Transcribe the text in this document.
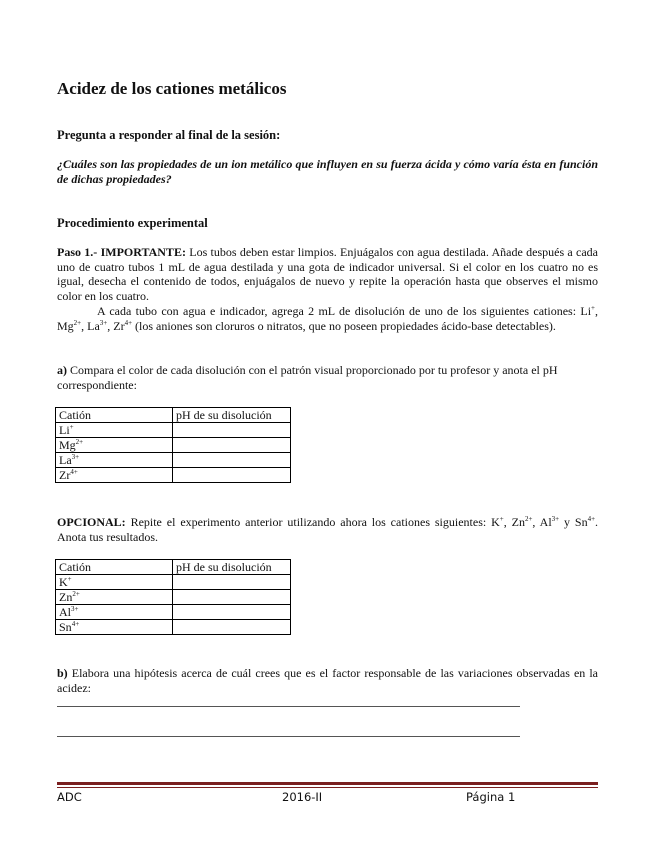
Acidez de los cationes metálicos
Pregunta a responder al final de la sesión:

¿Cuáles son las propiedades de un ion metálico que influyen en su fuerza ácida y cómo varía ésta en función de dichas propiedades?

Procedimiento experimental

Paso 1.- IMPORTANTE: Los tubos deben estar limpios. Enjuágalos con agua destilada. Añade después a cada uno de cuatro tubos 1 mL de agua destilada y una gota de indicador universal. Si el color en los cuatro no es igual, desecha el contenido de todos, enjuágalos de nuevo y repite la operación hasta que observes el mismo color en los cuatro.

A cada tubo con agua e indicador, agrega 2 mL de disolución de uno de los siguientes cationes: Li+, $Mg^{2+}$, $La^{3+}$, $Zr^{4+}$ (los aniones son cloruros o nitratos, que no poseen propiedades ácido-base detectables).

a) Compara el color de cada disolución con el patrón visual proporcionado por tu profesor y anota el pH correspondiente:

Catión	pH de su disolución
Li+	
$Mg^{2+}$	
$La^{3+}$	
$Zr^{4+}$	

OPCIONAL: Repite el experimento anterior utilizando ahora los cationes siguientes: K+, $Zn^{2+}$, $Al^{3+}$ y $Sn^{4+}$. Anota tus resultados.

Catión	pH de su disolución
K+	
$Zn^{2+}$	
$Al^{3+}$	
$Sn^{4+}$	

b) Elabora una hipótesis acerca de cuál crees que es el factor responsable de las variaciones observadas en la acidez:

ADC	2016-II	Página 1
